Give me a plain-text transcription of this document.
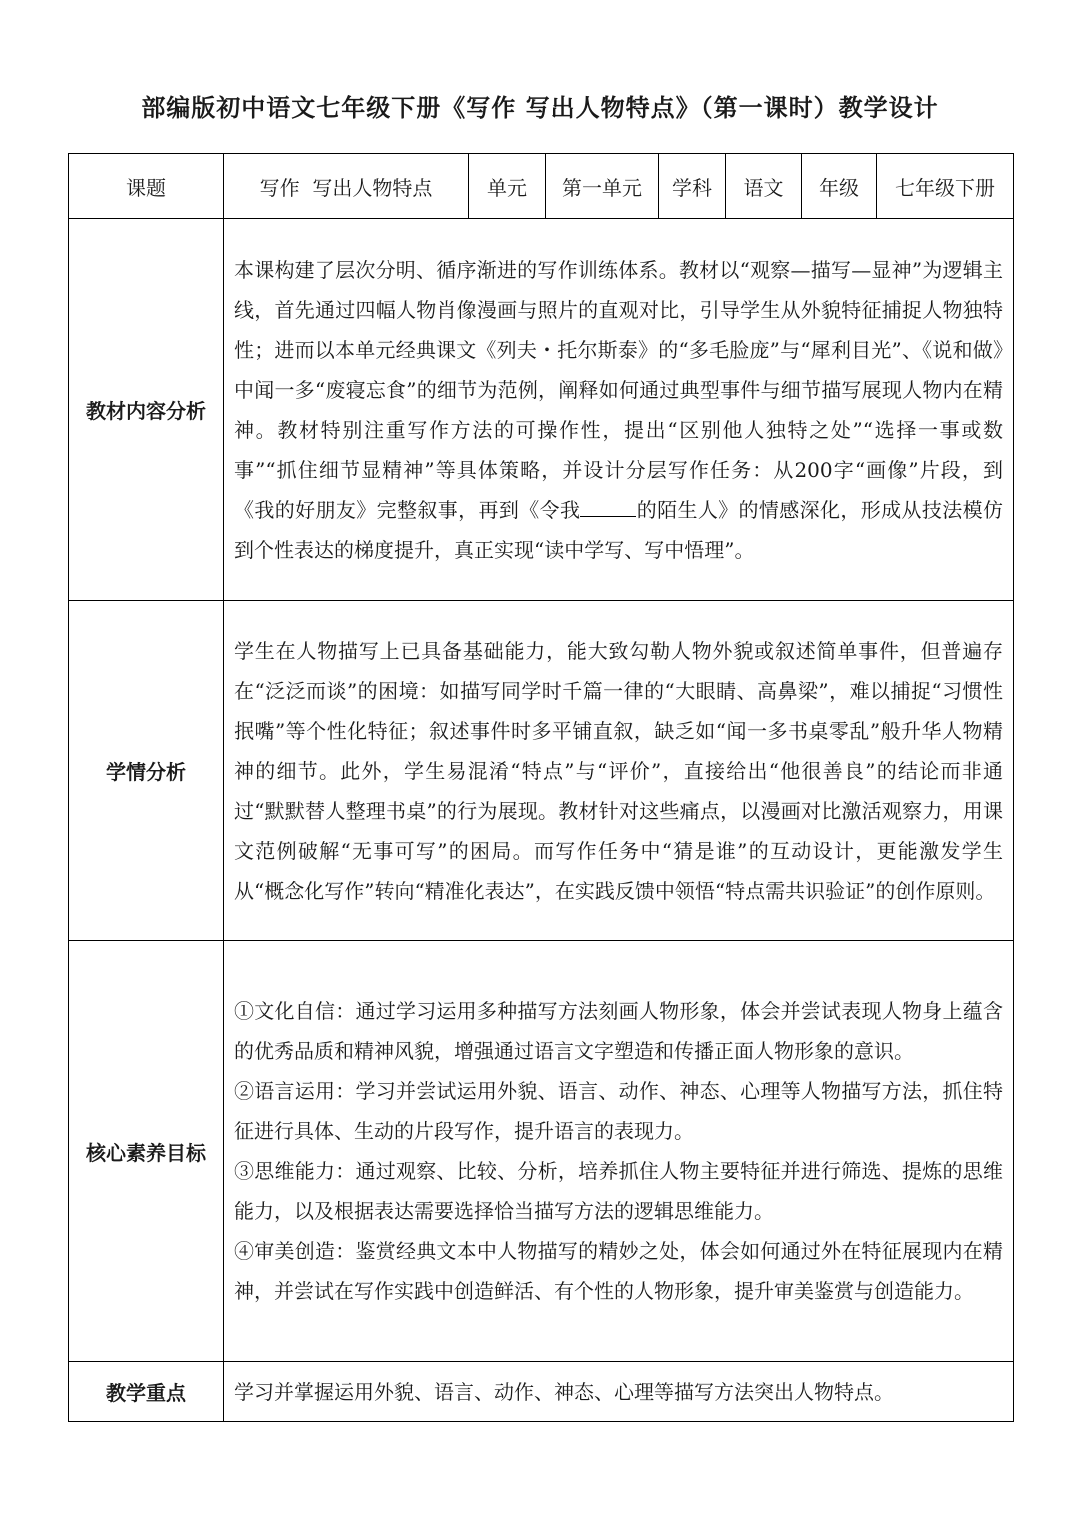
部编版初中语文七年级下册《写作 写出人物特点》（第一课时）教学设计
课题	写作  写出人物特点	单元	第一单元	学科	语文	年级	七年级下册
教材内容分析	本课构建了层次分明、循序渐进的写作训练体系。教材以“观察—描写—显神”为逻辑主线，首先通过四幅人物肖像漫画与照片的直观对比，引导学生从外貌特征捕捉人物独特性；进而以本单元经典课文《列夫・托尔斯泰》的“多毛脸庞”与“犀利目光”、《说和做》中闻一多“废寝忘食”的细节为范例，阐释如何通过典型事件与细节描写展现人物内在精神。教材特别注重写作方法的可操作性，提出“区别他人独特之处”“选择一事或数事”“抓住细节显精神”等具体策略，并设计分层写作任务：从200字“画像”片段，到《我的好朋友》完整叙事，再到《令我 的陌生人》的情感深化，形成从技法模仿到个性表达的梯度提升，真正实现“读中学写、写中悟理”。						
学情分析	学生在人物描写上已具备基础能力，能大致勾勒人物外貌或叙述简单事件，但普遍存在“泛泛而谈”的困境：如描写同学时千篇一律的“大眼睛、高鼻梁”，难以捕捉“习惯性抿嘴”等个性化特征；叙述事件时多平铺直叙，缺乏如“闻一多书桌零乱”般升华人物精神的细节。此外，学生易混淆“特点”与“评价”，直接给出“他很善良”的结论而非通过“默默替人整理书桌”的行为展现。教材针对这些痛点，以漫画对比激活观察力，用课文范例破解“无事可写”的困局。而写作任务中“猜是谁”的互动设计，更能激发学生从“概念化写作”转向“精准化表达”，在实践反馈中领悟“特点需共识验证”的创作原则。						
核心素养目标	①文化自信：通过学习运用多种描写方法刻画人物形象，体会并尝试表现人物身上蕴含的优秀品质和精神风貌，增强通过语言文字塑造和传播正面人物形象的意识。

②语言运用：学习并尝试运用外貌、语言、动作、神态、心理等人物描写方法，抓住特征进行具体、生动的片段写作，提升语言的表现力。

③思维能力：通过观察、比较、分析，培养抓住人物主要特征并进行筛选、提炼的思维能力，以及根据表达需要选择恰当描写方法的逻辑思维能力。

④审美创造：鉴赏经典文本中人物描写的精妙之处，体会如何通过外在特征展现内在精神，并尝试在写作实践中创造鲜活、有个性的人物形象，提升审美鉴赏与创造能力。						

教学重点	学习并掌握运用外貌、语言、动作、神态、心理等描写方法突出人物特点。						
